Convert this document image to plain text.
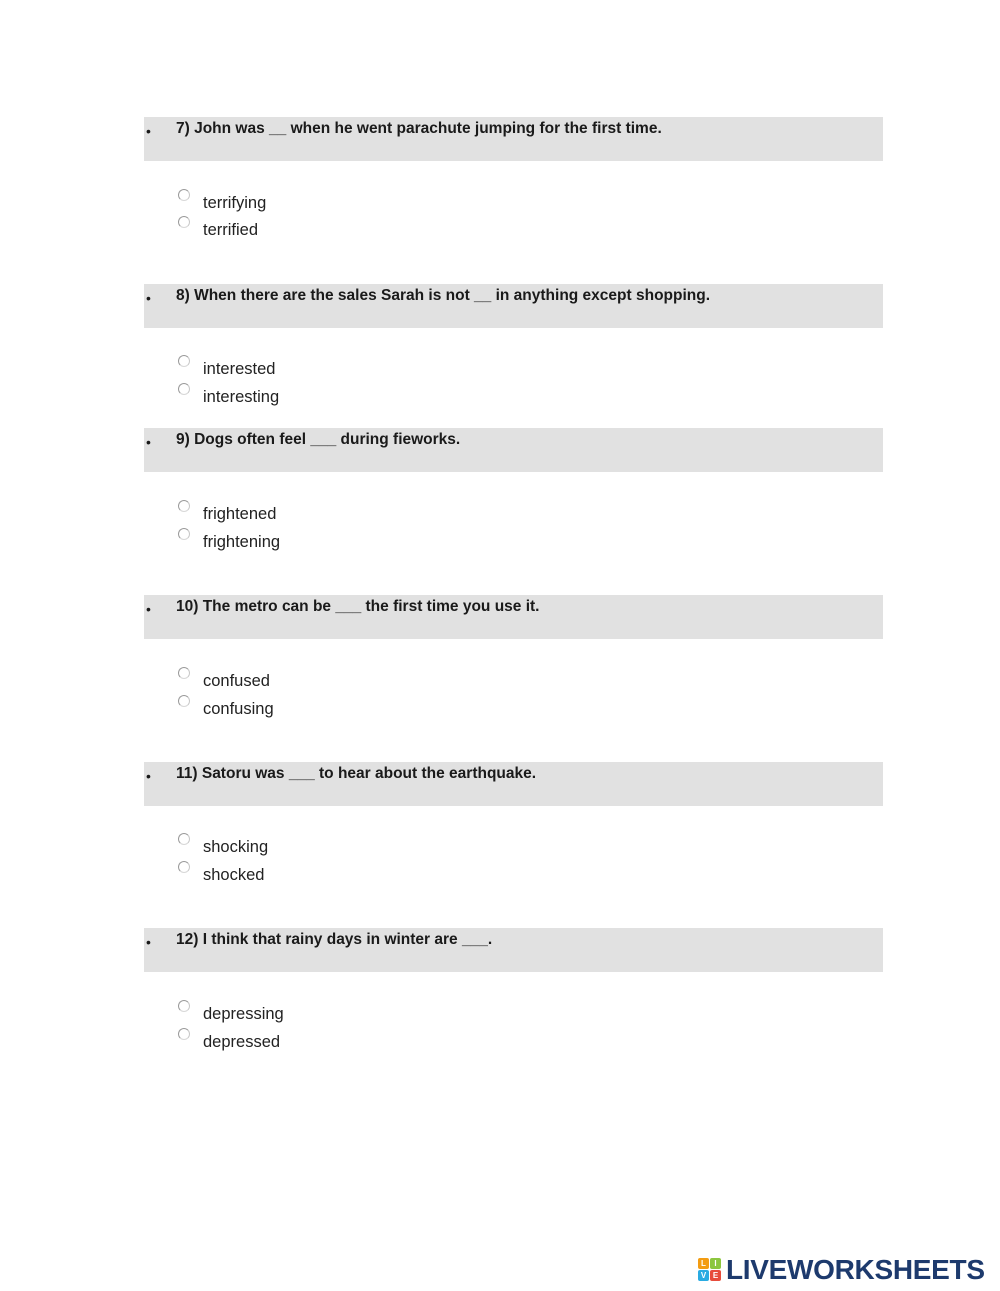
• 7) John was __ when he went parachute jumping for the first time.
terrifying
terrified
• 8) When there are the sales Sarah is not __ in anything except shopping.
interested
interesting
• 9) Dogs often feel ___ during fieworks.
frightened
frightening
• 10) The metro can be ___ the first time you use it.
confused
confusing
• 11) Satoru was ___ to hear about the earthquake.
shocking
shocked
• 12) I think that rainy days in winter are ___.
depressing
depressed
L	I
V E LIVEWORKSHEETS
